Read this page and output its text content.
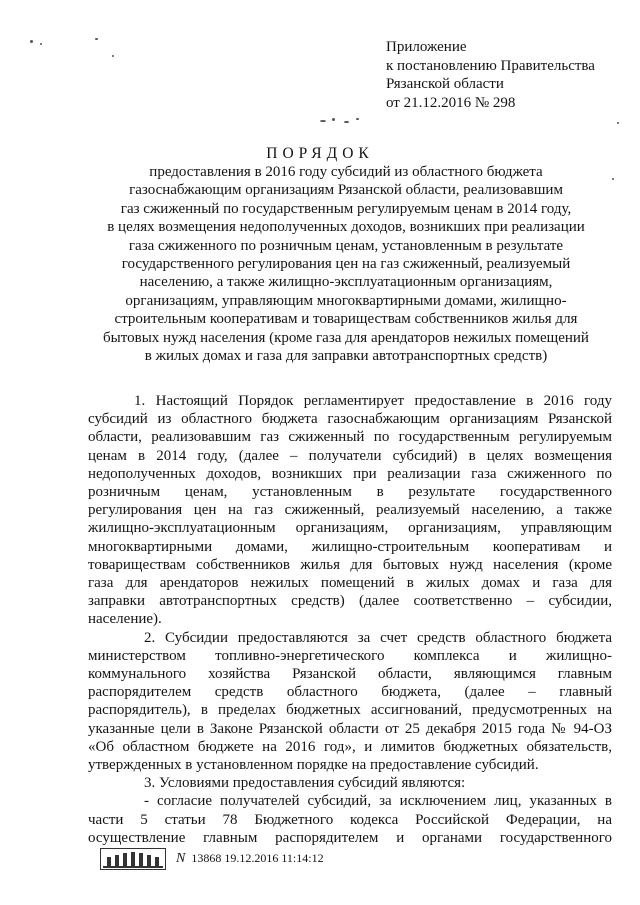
Приложение
к постановлению Правительства
Рязанской области
от 21.12.2016 № 298
ПОРЯДОК
предоставления в 2016 году субсидий из областного бюджета
газоснабжающим организациям Рязанской области, реализовавшим
газ сжиженный по государственным регулируемым ценам в 2014 году,
в целях возмещения недополученных доходов, возникших при реализации
газа сжиженного по розничным ценам, установленным в результате
государственного регулирования цен на газ сжиженный, реализуемый
населению, а также жилищно-эксплуатационным организациям,
организациям, управляющим многоквартирными домами, жилищно-
строительным кооперативам и товариществам собственников жилья для
бытовых нужд населения (кроме газа для арендаторов нежилых помещений
в жилых домах и газа для заправки автотранспортных средств)
1. Настоящий Порядок регламентирует предоставление в 2016 году
субсидий из областного бюджета газоснабжающим организациям Рязанской
области, реализовавшим газ сжиженный по государственным регулируемым
ценам в 2014 году, (далее – получатели субсидий) в целях возмещения
недополученных доходов, возникших при реализации газа сжиженного по
розничным ценам, установленным в результате государственного
регулирования цен на газ сжиженный, реализуемый населению, а также
жилищно-эксплуатационным организациям, организациям, управляющим
многоквартирными домами, жилищно-строительным кооперативам и
товариществам собственников жилья для бытовых нужд населения (кроме
газа для арендаторов нежилых помещений в жилых домах и газа для
заправки автотранспортных средств) (далее соответственно – субсидии,
население).
2. Субсидии предоставляются за счет средств областного бюджета
министерством топливно-энергетического комплекса и жилищно-
коммунального хозяйства Рязанской области, являющимся главным
распорядителем средств областного бюджета, (далее – главный
распорядитель), в пределах бюджетных ассигнований, предусмотренных на
указанные цели в Законе Рязанской области от 25 декабря 2015 года № 94-ОЗ
«Об областном бюджете на 2016 год», и лимитов бюджетных обязательств,
утвержденных в установленном порядке на предоставление субсидий.
3. Условиями предоставления субсидий являются:
- согласие получателей субсидий, за исключением лиц, указанных в
части 5 статьи 78 Бюджетного кодекса Российской Федерации, на
осуществление главным распорядителем и органами государственного
N 13868 19.12.2016 11:14:12
